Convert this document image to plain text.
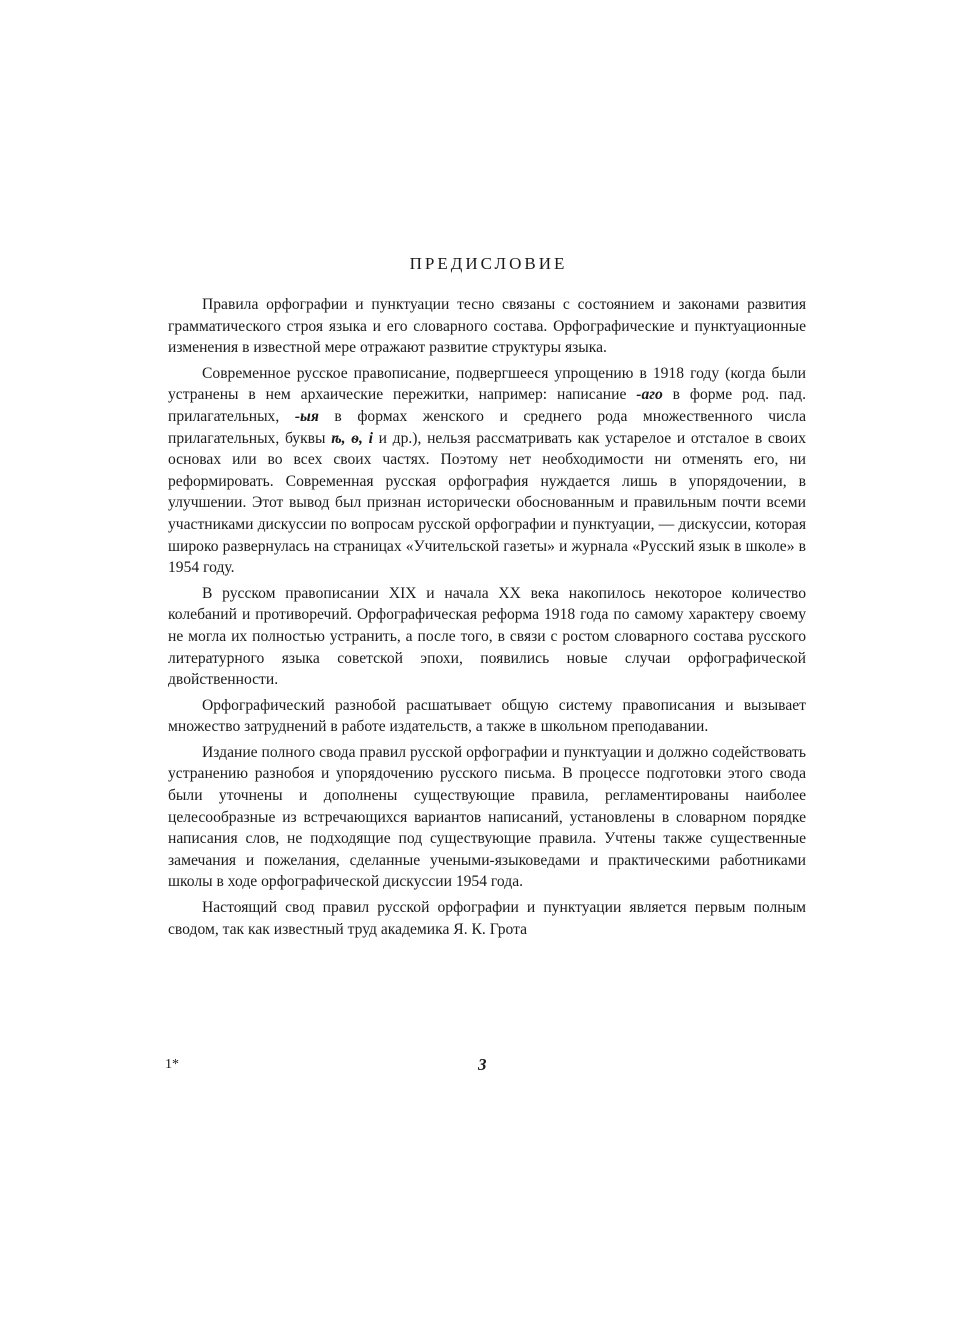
ПРЕДИСЛОВИЕ

Правила орфографии и пунктуации тесно связаны с состоянием и законами развития грамматического строя языка и его словарного состава. Орфографические и пунктуационные изменения в известной мере отражают развитие структуры языка.

Современное русское правописание, подвергшееся упрощению в 1918 году (когда были устранены в нем архаические пережитки, например: написание -аго в форме род. пад. прилагательных, -ыя в формах женского и среднего рода множественного числа прилагательных, буквы ѣ, ѳ, і и др.), нельзя рассматривать как устарелое и отсталое в своих основах или во всех своих частях. Поэтому нет необходимости ни отменять его, ни реформировать. Современная русская орфография нуждается лишь в упорядочении, в улучшении. Этот вывод был признан исторически обоснованным и правильным почти всеми участниками дискуссии по вопросам русской орфографии и пунктуации, — дискуссии, которая широко развернулась на страницах «Учительской газеты» и журнала «Русский язык в школе» в 1954 году.

В русском правописании XIX и начала XX века накопилось некоторое количество колебаний и противоречий. Орфографическая реформа 1918 года по самому характеру своему не могла их полностью устранить, а после того, в связи с ростом словарного состава русского литературного языка советской эпохи, появились новые случаи орфографической двойственности.

Орфографический разнобой расшатывает общую систему правописания и вызывает множество затруднений в работе издательств, а также в школьном преподавании.

Издание полного свода правил русской орфографии и пунктуации и должно содействовать устранению разнобоя и упорядочению русского письма. В процессе подготовки этого свода были уточнены и дополнены существующие правила, регламентированы наиболее целесообразные из встречающихся вариантов написаний, установлены в словарном порядке написания слов, не подходящие под существующие правила. Учтены также существенные замечания и пожелания, сделанные учеными-языковедами и практическими работниками школы в ходе орфографической дискуссии 1954 года.

Настоящий свод правил русской орфографии и пунктуации является первым полным сводом, так как известный труд академика Я. К. Грота

1*	3
